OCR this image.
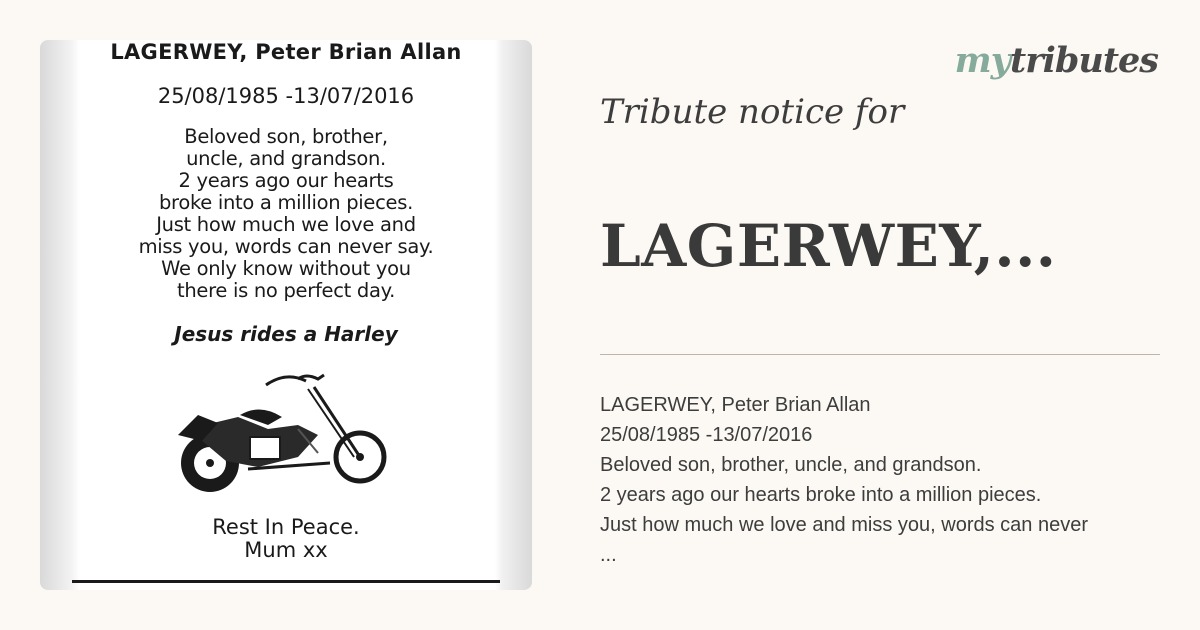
LAGERWEY, Peter Brian Allan
25/08/1985 -13/07/2016
Beloved son, brother,
uncle, and grandson.
2 years ago our hearts
broke into a million pieces.
Just how much we love and
miss you, words can never say.
We only know without you
there is no perfect day.
Jesus rides a Harley
Rest In Peace.
Mum xx
mytributes
Tribute notice for
LAGERWEY,...
LAGERWEY, Peter Brian Allan
25/08/1985 -13/07/2016
Beloved son, brother, uncle, and grandson.
2 years ago our hearts broke into a million pieces.
Just how much we love and miss you, words can never
...
